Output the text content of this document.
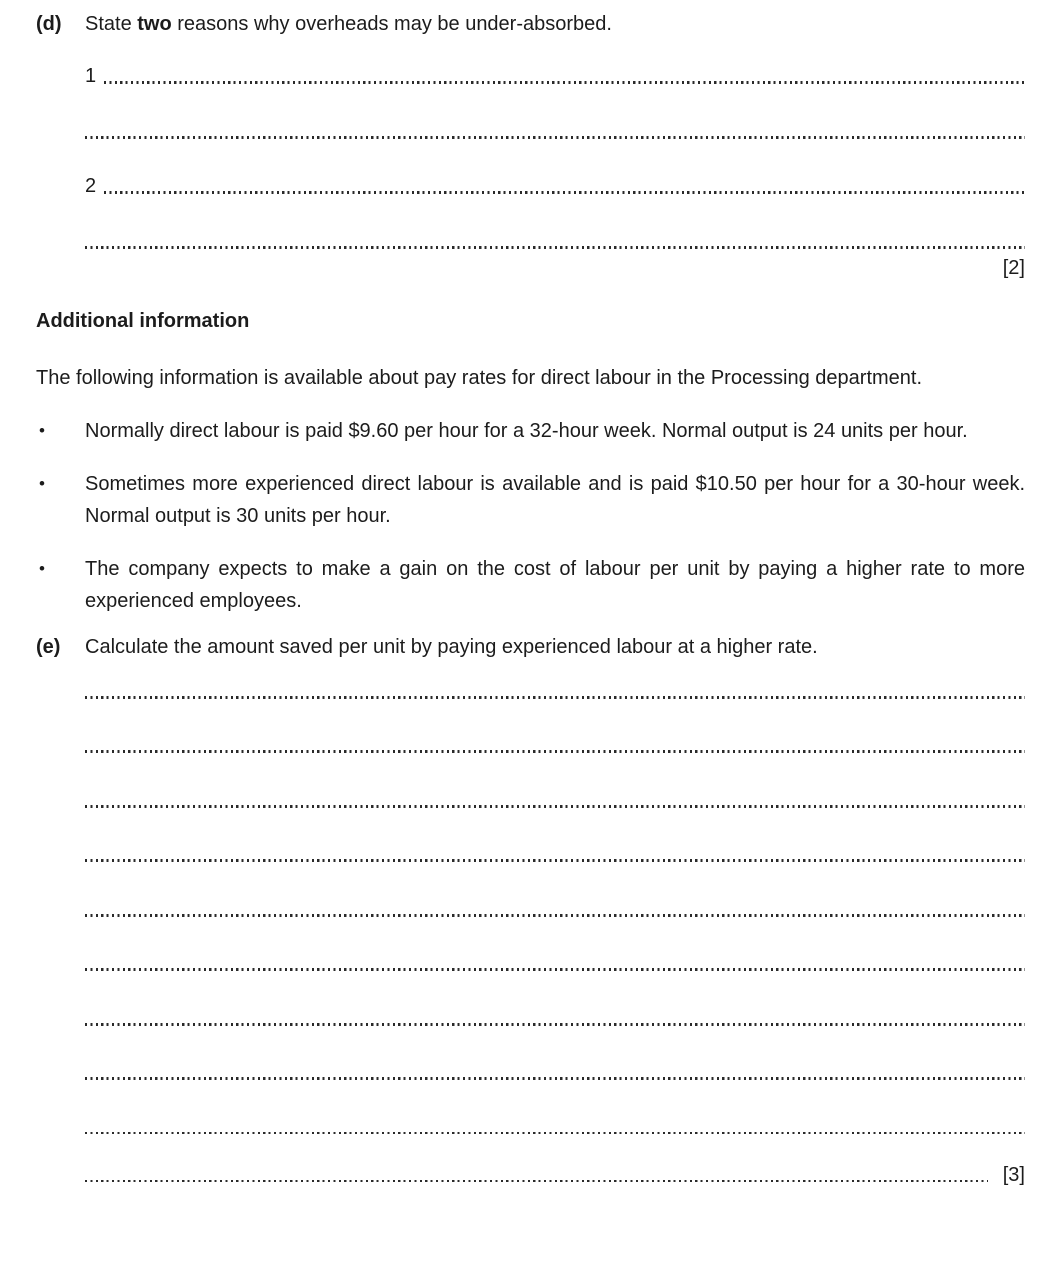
(d)	State two reasons why overheads may be under-absorbed.

1
2
[2]
Additional information

The following information is available about pay rates for direct labour in the Processing department.

•	Normally direct labour is paid $9.60 per hour for a 32-hour week. Normal output is 24 units per hour.

•	Sometimes more experienced direct labour is available and is paid $10.50 per hour for a 30-hour week. Normal output is 30 units per hour.

•	The company expects to make a gain on the cost of labour per unit by paying a higher rate to more experienced employees.

(e)	Calculate the amount saved per unit by paying experienced labour at a higher rate.

[3]
